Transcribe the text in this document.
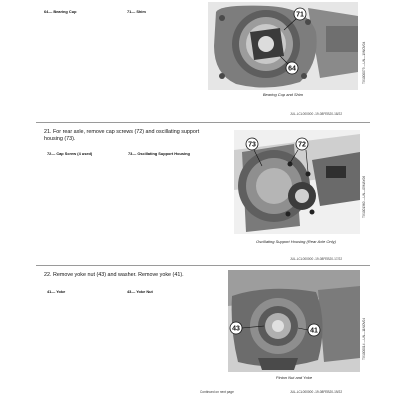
64— Bearing Cup	71— Shim	71
64	TX1000073 —UN—19NOV04
Bearing Cup and Shim
JUL-LCL000000 -19-08FEB20-18/22
21. For rear axle, remove cap screws (72) and oscillating support housing (73).
72— Cap Screw (4 used)	73— Oscillating Support Housing
73	72
TX1001360 —UN—05MAY06
Oscillating Support Housing (Rear Axle Only)
JUL-LCL000000 -19-08FEB20-17/22
22. Remove yoke nut (43) and washer. Remove yoke (41).
41— Yoke	43— Yoke Nut
43	41	TX1000014 —UN—11NOV04
Pinion Nut and Yoke
Continued on next page	JUL-LCL000000 -19-08FEB20-19/22
